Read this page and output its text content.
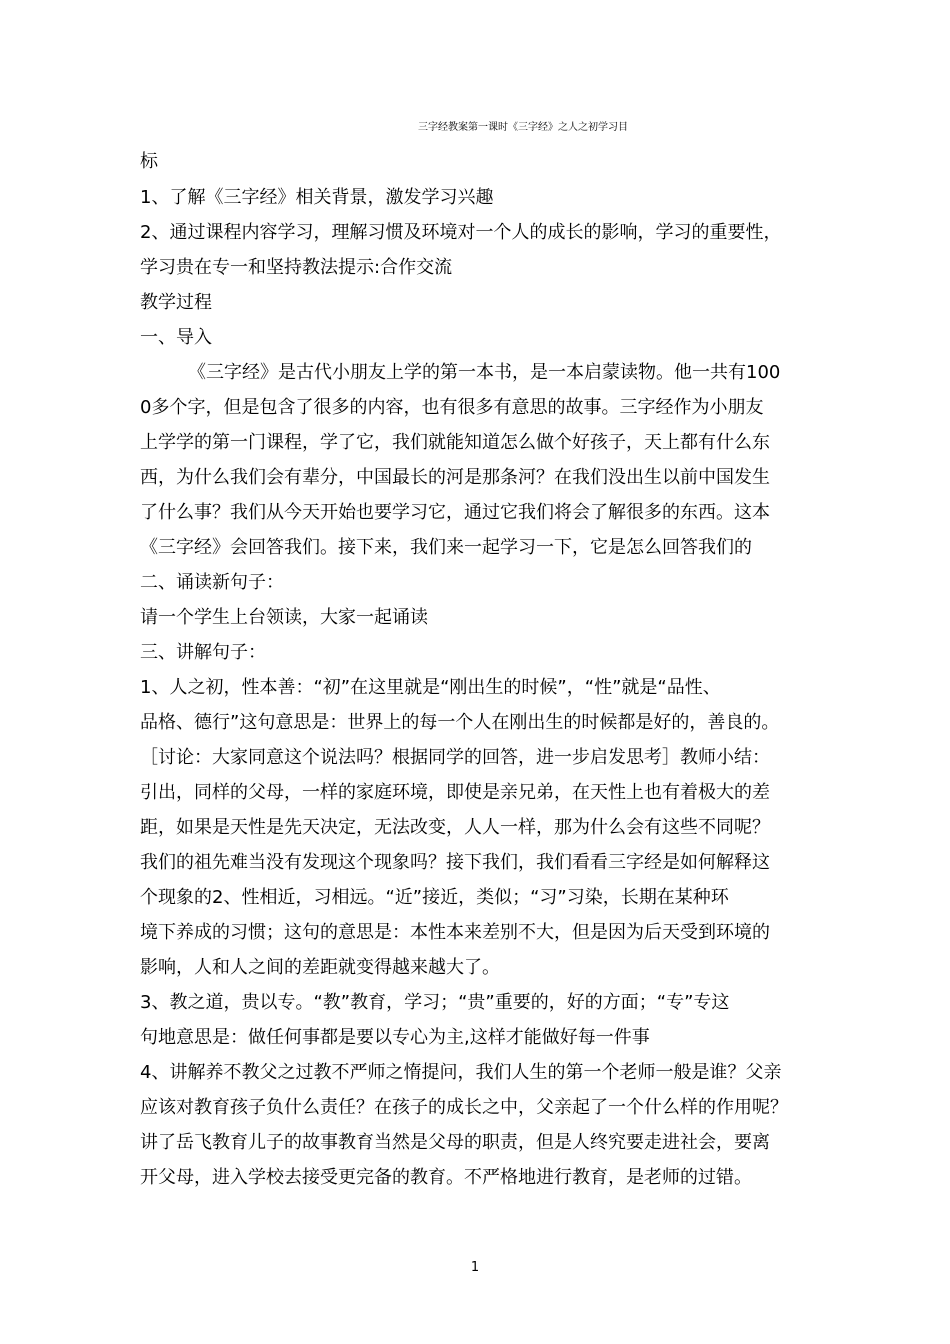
三字经教案第一课时《三字经》之人之初学习目
标
1、了解《三字经》相关背景，激发学习兴趣
2、通过课程内容学习，理解习惯及环境对一个人的成长的影响，学习的重要性，
学习贵在专一和坚持教法提示:合作交流
教学过程
一、导入
《三字经》是古代小朋友上学的第一本书，是一本启蒙读物。他一共有100
0多个字，但是包含了很多的内容，也有很多有意思的故事。三字经作为小朋友
上学学的第一门课程，学了它，我们就能知道怎么做个好孩子，天上都有什么东
西，为什么我们会有辈分，中国最长的河是那条河？在我们没出生以前中国发生
了什么事？我们从今天开始也要学习它，通过它我们将会了解很多的东西。这本
《三字经》会回答我们。接下来，我们来一起学习一下，它是怎么回答我们的
二、诵读新句子：
请一个学生上台领读，大家一起诵读
三、讲解句子：
1、人之初，性本善：“初”在这里就是“刚出生的时候”，“性”就是“品性、
品格、德行”这句意思是：世界上的每一个人在刚出生的时候都是好的，善良的。
［讨论：大家同意这个说法吗？根据同学的回答，进一步启发思考］教师小结：
引出，同样的父母，一样的家庭环境，即使是亲兄弟，在天性上也有着极大的差
距，如果是天性是先天决定，无法改变，人人一样，那为什么会有这些不同呢？
我们的祖先难当没有发现这个现象吗？接下我们，我们看看三字经是如何解释这
个现象的2、性相近，习相远。“近”接近，类似；“习”习染，长期在某种环
境下养成的习惯；这句的意思是：本性本来差别不大，但是因为后天受到环境的
影响，人和人之间的差距就变得越来越大了。
3、教之道，贵以专。“教”教育，学习；“贵”重要的，好的方面；“专”专这
句地意思是：做任何事都是要以专心为主,这样才能做好每一件事
4、讲解养不教父之过教不严师之惰提问，我们人生的第一个老师一般是谁？父亲
应该对教育孩子负什么责任？在孩子的成长之中，父亲起了一个什么样的作用呢？
讲了岳飞教育儿子的故事教育当然是父母的职责，但是人终究要走进社会，要离
开父母，进入学校去接受更完备的教育。不严格地进行教育，是老师的过错。
1
